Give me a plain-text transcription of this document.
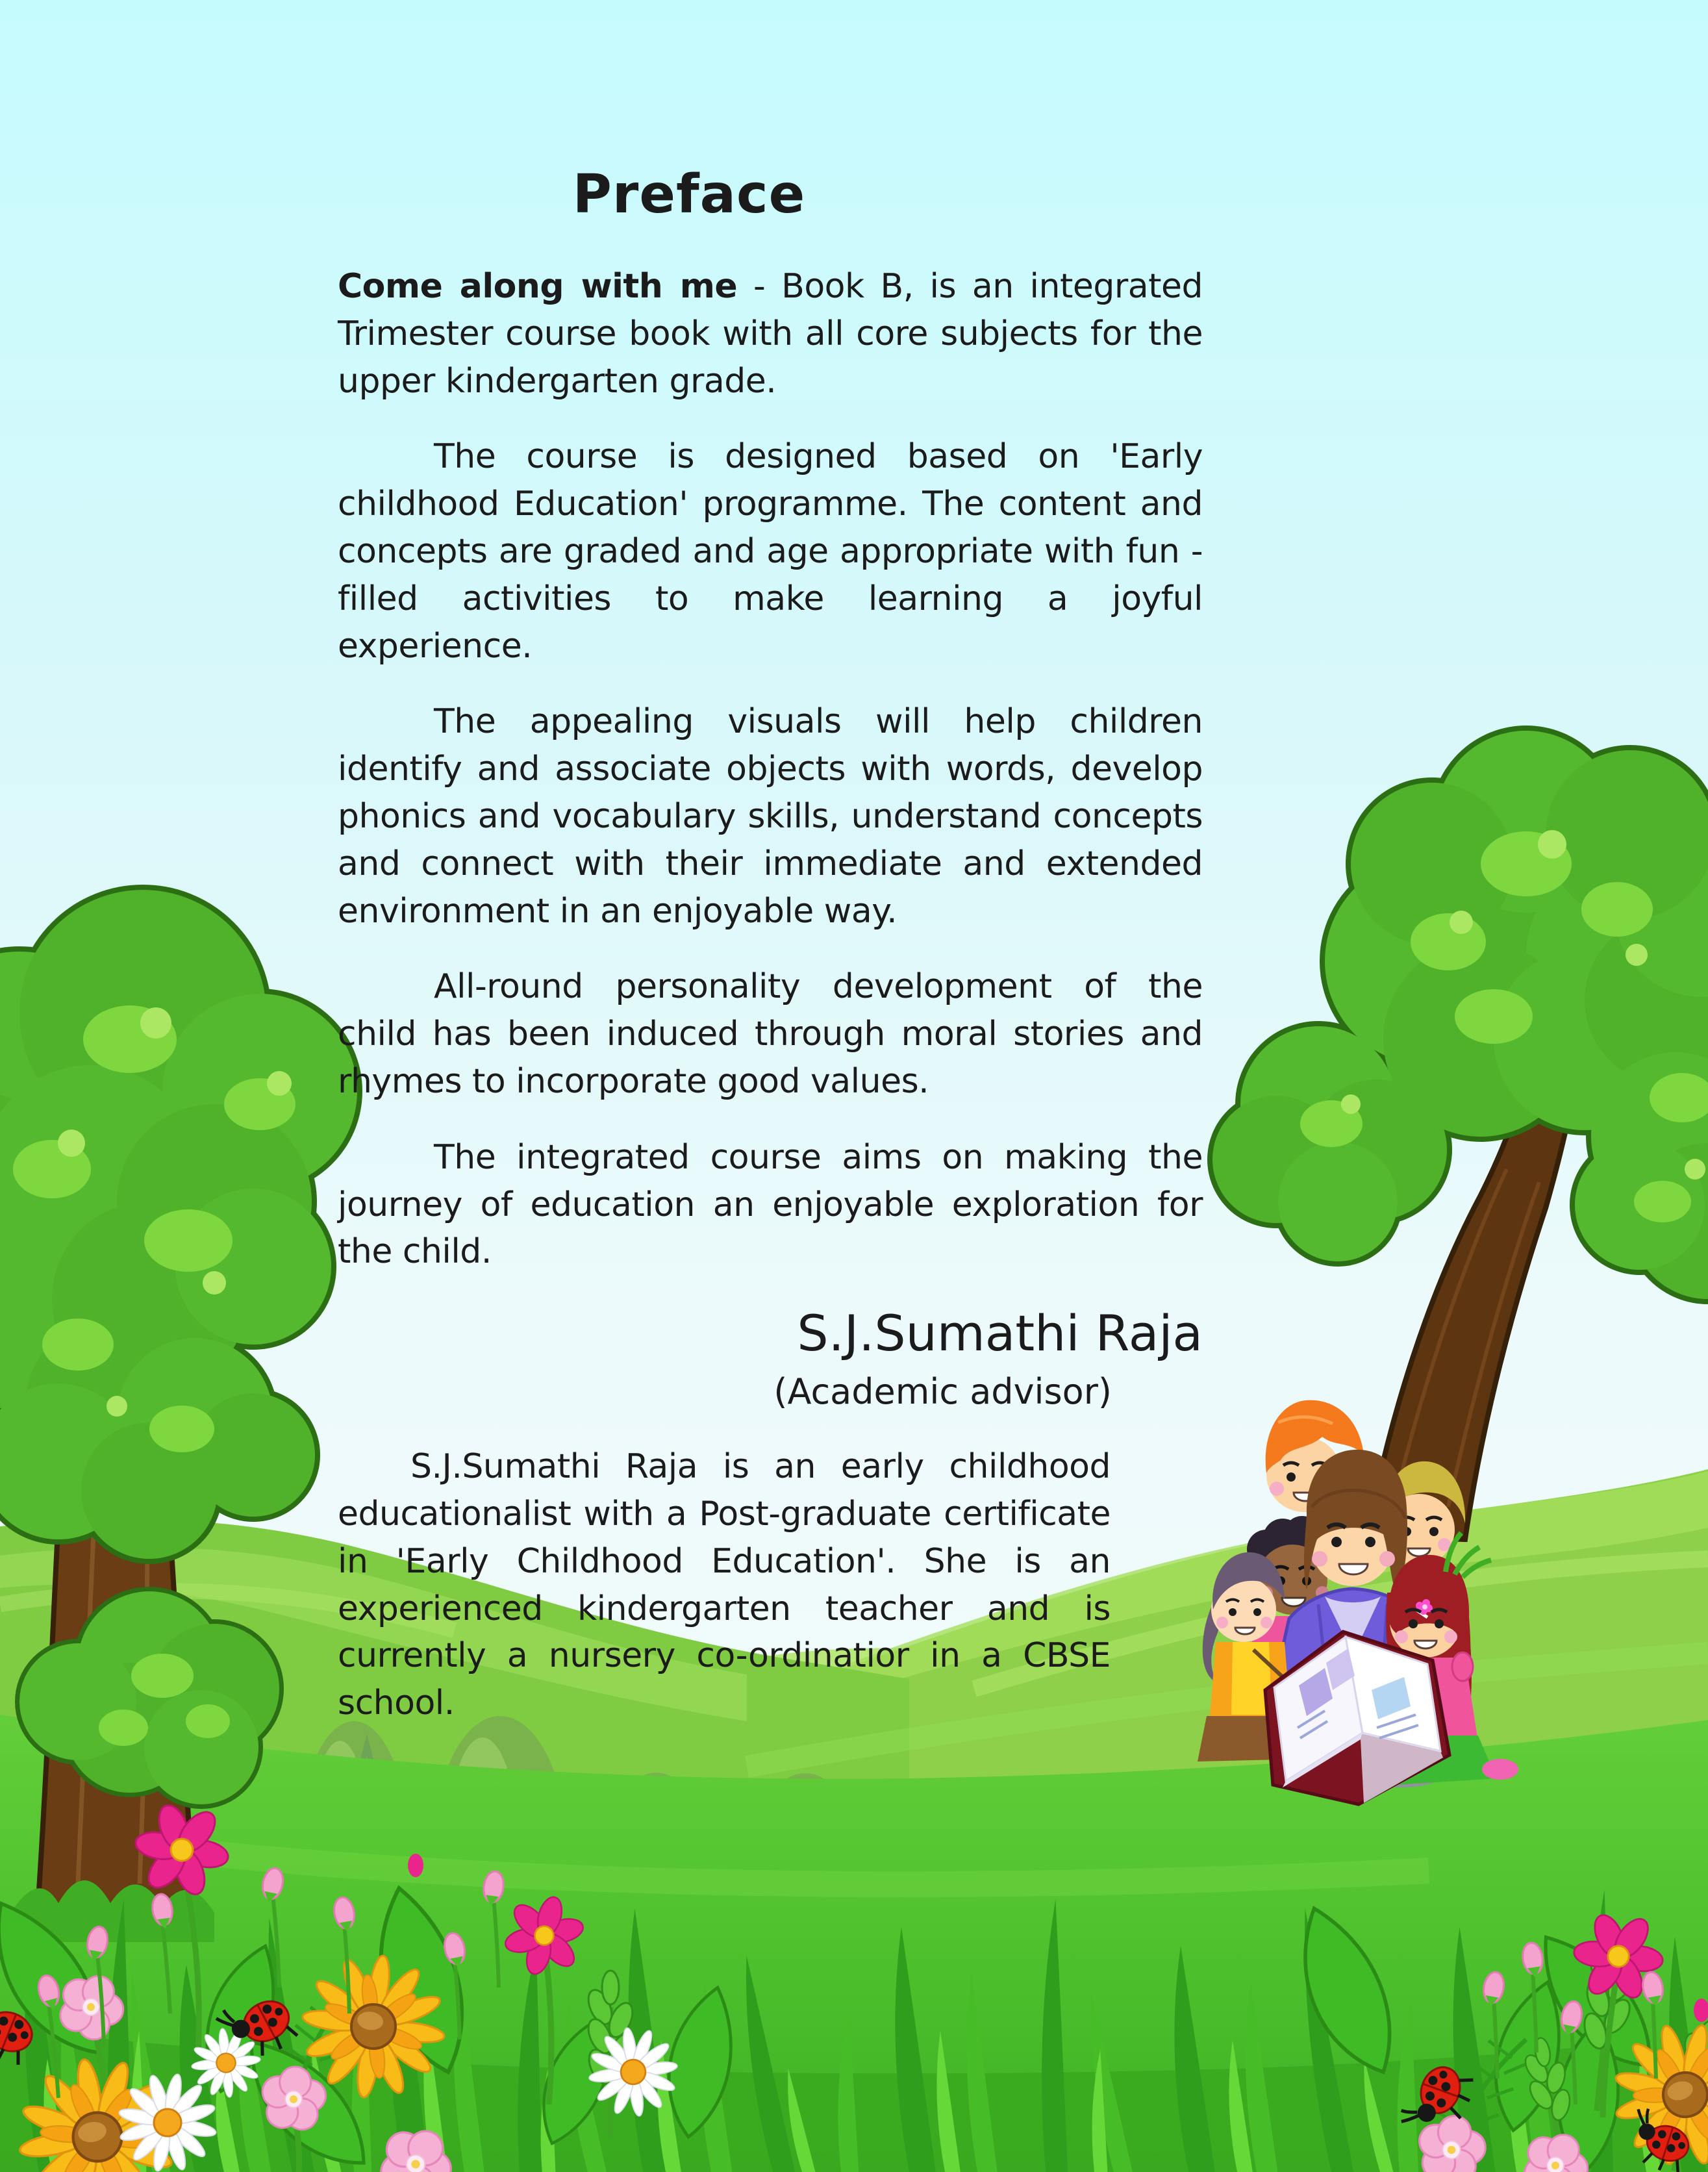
Preface

Come along with me - Book B, is an integrated Trimester course book with all core subjects for the upper kindergarten grade.

The course is designed based on 'Early childhood Education' programme. The content and concepts are graded and age appropriate with fun - filled activities to make learning a joyful experience.

The appealing visuals will help children identify and associate objects with words, develop phonics and vocabulary skills, understand concepts and connect with their immediate and extended environment in an enjoyable way.

All-round personality development of the child has been induced through moral stories and rhymes to incorporate good values.

The integrated course aims on making the journey of education an enjoyable exploration for the child.

S.J.Sumathi Raja
(Academic advisor)

S.J.Sumathi Raja is an early childhood educationalist with a Post-graduate certificate in 'Early Childhood Education'. She is an experienced kindergarten teacher and is currently a nursery co-ordinatior in a CBSE school.
